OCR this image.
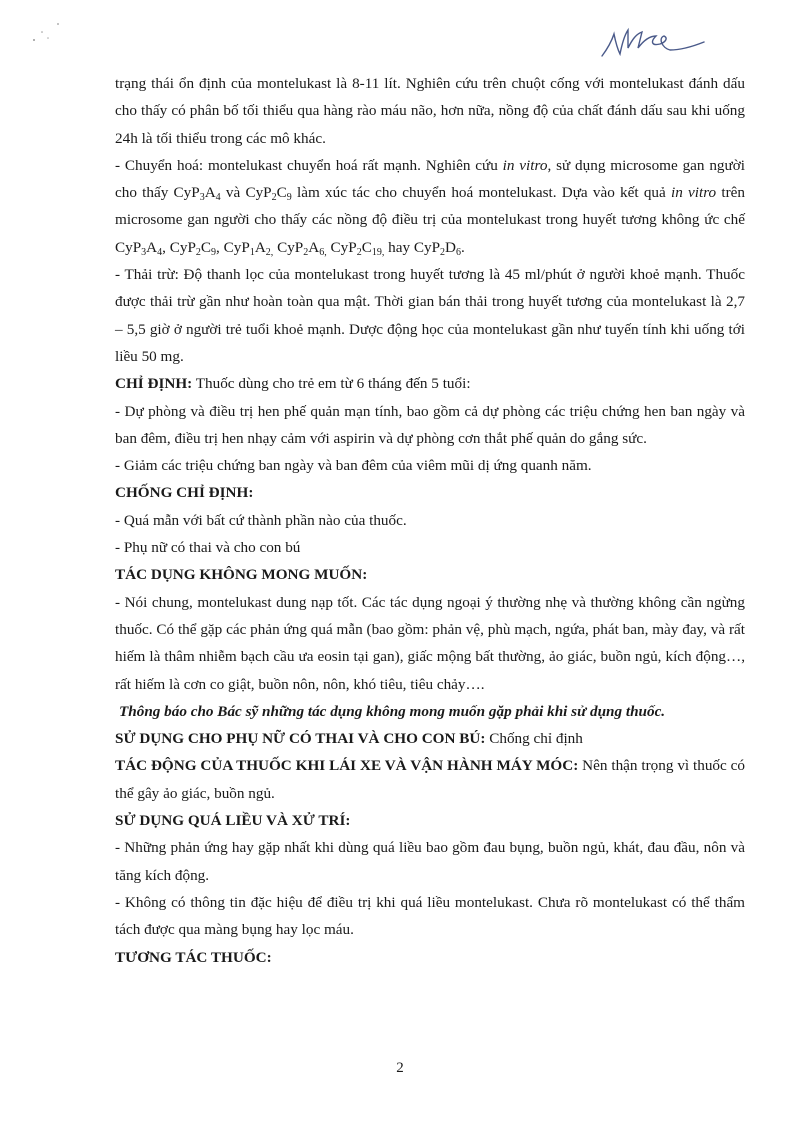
trạng thái ổn định của montelukast là 8-11 lít. Nghiên cứu trên chuột cống với montelukast đánh dấu cho thấy có phân bố tối thiểu qua hàng rào máu não, hơn nữa, nồng độ của chất đánh dấu sau khi uống 24h là tối thiểu trong các mô khác.

- Chuyển hoá: montelukast chuyển hoá rất mạnh. Nghiên cứu in vitro, sử dụng microsome gan người cho thấy $CyP_3A_4$ và $CyP_2C_9$ làm xúc tác cho chuyển hoá montelukast. Dựa vào kết quả in vitro trên microsome gan người cho thấy các nồng độ điều trị của montelukast trong huyết tương không ức chế $CyP_3A_4$, $CyP_2C_9$, $CyP_1A_{2,}$ $CyP_2A_{6,}$ $CyP_2C_{19,}$ hay $CyP_2D_6$.

- Thải trừ: Độ thanh lọc của montelukast trong huyết tương là 45 ml/phút ở người khoẻ mạnh. Thuốc được thải trừ gần như hoàn toàn qua mật. Thời gian bán thải trong huyết tương của montelukast là 2,7 – 5,5 giờ ở người trẻ tuổi khoẻ mạnh. Dược động học của montelukast gần như tuyến tính khi uống tới liều 50 mg.

CHỈ ĐỊNH: Thuốc dùng cho trẻ em từ 6 tháng đến 5 tuổi:

- Dự phòng và điều trị hen phế quản mạn tính, bao gồm cả dự phòng các triệu chứng hen ban ngày và ban đêm, điều trị hen nhạy cảm với aspirin và dự phòng cơn thắt phế quản do gắng sức.

- Giảm các triệu chứng ban ngày và ban đêm của viêm mũi dị ứng quanh năm.

CHỐNG CHỈ ĐỊNH:

- Quá mẫn với bất cứ thành phần nào của thuốc.

- Phụ nữ có thai và cho con bú

TÁC DỤNG KHÔNG MONG MUỐN:

- Nói chung, montelukast dung nạp tốt. Các tác dụng ngoại ý thường nhẹ và thường không cần ngừng thuốc. Có thể gặp các phản ứng quá mẫn (bao gồm: phản vệ, phù mạch, ngứa, phát ban, mày đay, và rất hiếm là thâm nhiễm bạch cầu ưa eosin tại gan), giấc mộng bất thường, ảo giác, buồn ngủ, kích động…, rất hiếm là cơn co giật, buồn nôn, nôn, khó tiêu, tiêu chảy….

Thông báo cho Bác sỹ những tác dụng không mong muốn gặp phải khi sử dụng thuốc.

SỬ DỤNG CHO PHỤ NỮ CÓ THAI VÀ CHO CON BÚ: Chống chỉ định

TÁC ĐỘNG CỦA THUỐC KHI LÁI XE VÀ VẬN HÀNH MÁY MÓC: Nên thận trọng vì thuốc có thể gây ảo giác, buồn ngủ.

SỬ DỤNG QUÁ LIỀU VÀ XỬ TRÍ:

- Những phản ứng hay gặp nhất khi dùng quá liều bao gồm đau bụng, buồn ngủ, khát, đau đầu, nôn và tăng kích động.

- Không có thông tin đặc hiệu để điều trị khi quá liều montelukast. Chưa rõ montelukast có thể thẩm tách được qua màng bụng hay lọc máu.

TƯƠNG TÁC THUỐC:

2
